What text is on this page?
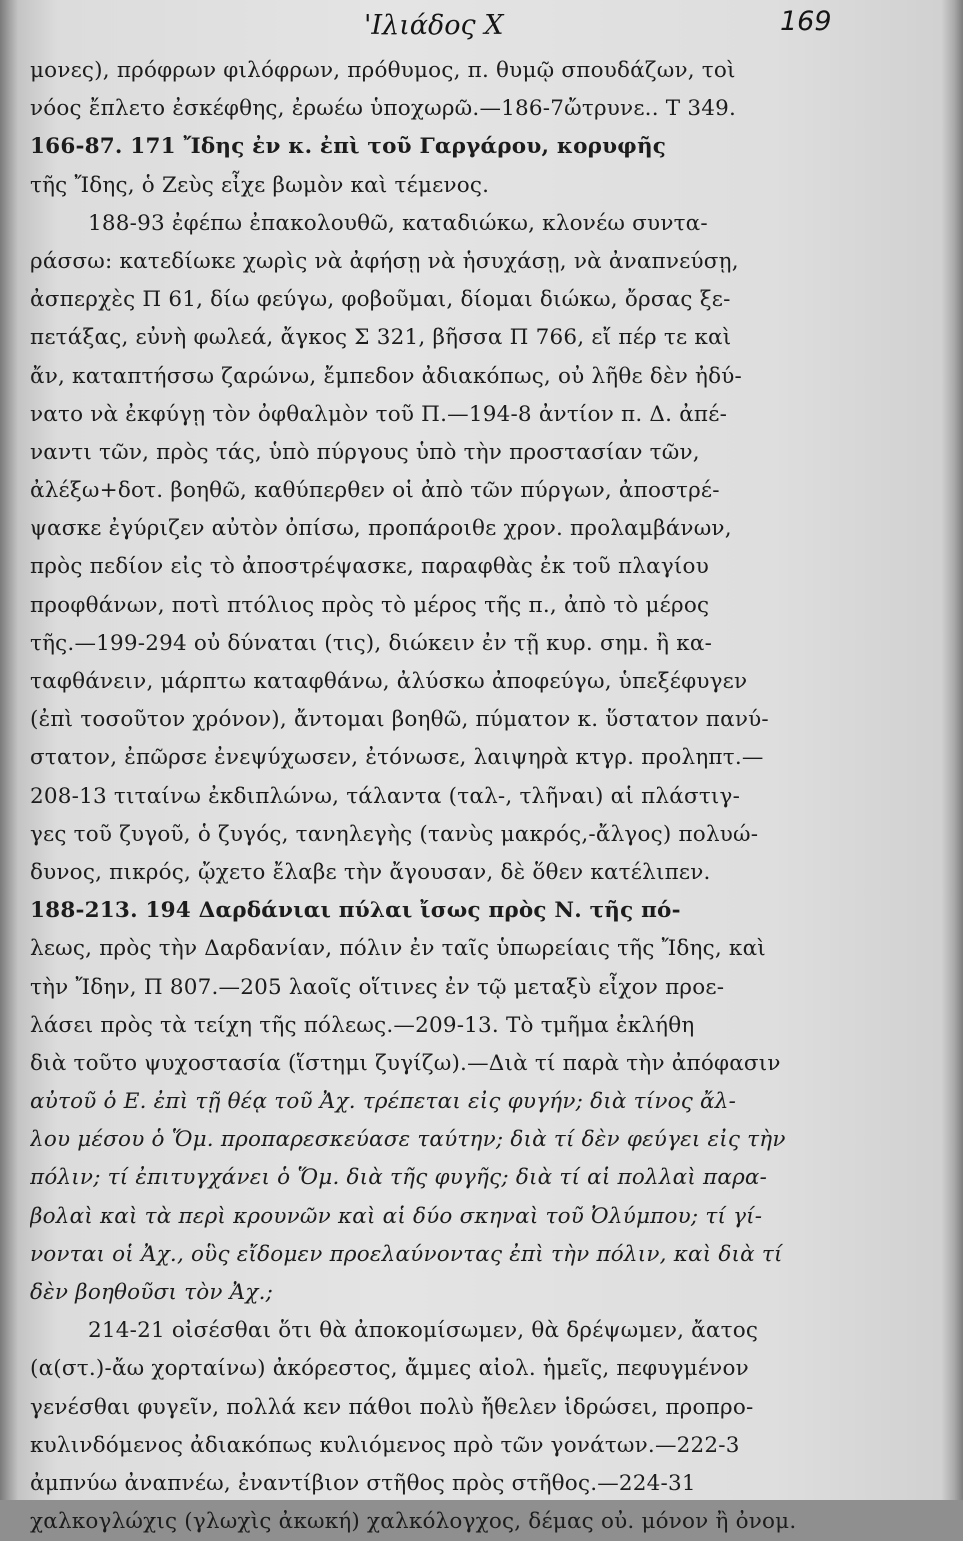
'Ιλιάδος Χ	169
μονες), πρόφρων φιλόφρων, πρόθυμος, π. θυμῷ σπουδάζων, τοὶ
νόος ἔπλετο ἐσκέφθης, ἐρωέω ὑποχωρῶ.—186-7ὤτρυνε.. Τ 349.
166-87. 171 Ἴδης ἐν κ. ἐπὶ τοῦ Γαργάρου, κορυφῆς
τῆς Ἴδης, ὁ Ζεὺς εἶχε βωμὸν καὶ τέμενος.
188-93 ἐφέπω ἐπακολουθῶ, καταδιώκω, κλονέω συντα-
ράσσω: κατεδίωκε χωρὶς νὰ ἀφήσῃ νὰ ἡσυχάσῃ, νὰ ἀναπνεύσῃ,
ἀσπερχὲς Π 61, δίω φεύγω, φοβοῦμαι, δίομαι διώκω, ὄρσας ξε-
πετάξας, εὐνὴ φωλεά, ἄγκος Σ 321, βῆσσα Π 766, εἴ πέρ τε καὶ
ἄν, καταπτήσσω ζαρώνω, ἔμπεδον ἀδιακόπως, οὐ λῆθε δὲν ἠδύ-
νατο νὰ ἐκφύγῃ τὸν ὀφθαλμὸν τοῦ Π.—194-8 ἀντίον π. Δ. ἀπέ-
ναντι τῶν, πρὸς τάς, ὑπὸ πύργους ὑπὸ τὴν προστασίαν τῶν,
ἀλέξω+δοτ. βοηθῶ, καθύπερθεν οἱ ἀπὸ τῶν πύργων, ἀποστρέ-
ψασκε ἐγύριζεν αὐτὸν ὀπίσω, προπάροιθε χρον. προλαμβάνων,
πρὸς πεδίον εἰς τὸ ἀποστρέψασκε, παραφθὰς ἐκ τοῦ πλαγίου
προφθάνων, ποτὶ πτόλιος πρὸς τὸ μέρος τῆς π., ἀπὸ τὸ μέρος
τῆς.—199-294 οὐ δύναται (τις), διώκειν ἐν τῇ κυρ. σημ. ἢ κα-
ταφθάνειν, μάρπτω καταφθάνω, ἀλύσκω ἀποφεύγω, ὑπεξέφυγεν
(ἐπὶ τοσοῦτον χρόνον), ἄντομαι βοηθῶ, πύματον κ. ὕστατον πανύ-
στατον, ἐπῶρσε ἐνεψύχωσεν, ἐτόνωσε, λαιψηρὰ κτγρ. προληπτ.—
208-13 τιταίνω ἐκδιπλώνω, τάλαντα (ταλ-, τλῆναι) αἱ πλάστιγ-
γες τοῦ ζυγοῦ, ὁ ζυγός, τανηλεγὴς (τανὺς μακρός,-ἄλγος) πολυώ-
δυνος, πικρός, ᾤχετο ἔλαβε τὴν ἄγουσαν, δὲ ὅθεν κατέλιπεν.
188-213. 194 Δαρδάνιαι πύλαι ἴσως πρὸς Ν. τῆς πό-
λεως, πρὸς τὴν Δαρδανίαν, πόλιν ἐν ταῖς ὑπωρείαις τῆς Ἴδης, καὶ
τὴν Ἴδην, Π 807.—205 λαοῖς οἵτινες ἐν τῷ μεταξὺ εἶχον προε-
λάσει πρὸς τὰ τείχη τῆς πόλεως.—209-13. Τὸ τμῆμα ἐκλήθη
διὰ τοῦτο ψυχοστασία (ἵστημι ζυγίζω).—Διὰ τί παρὰ τὴν ἀπόφασιν
αὐτοῦ ὁ Ε. ἐπὶ τῇ θέᾳ τοῦ Ἀχ. τρέπεται εἰς φυγήν; διὰ τίνος ἄλ-
λου μέσου ὁ Ὅμ. προπαρεσκεύασε ταύτην; διὰ τί δὲν φεύγει εἰς τὴν
πόλιν; τί ἐπιτυγχάνει ὁ Ὅμ. διὰ τῆς φυγῆς; διὰ τί αἱ πολλαὶ παρα-
βολαὶ καὶ τὰ περὶ κρουνῶν καὶ αἱ δύο σκηναὶ τοῦ Ὀλύμπου; τί γί-
νονται οἱ Ἀχ., οὓς εἴδομεν προελαύνοντας ἐπὶ τὴν πόλιν, καὶ διὰ τί
δὲν βοηθοῦσι τὸν Ἀχ.;
214-21 οἰσέσθαι ὅτι θὰ ἀποκομίσωμεν, θὰ δρέψωμεν, ἄατος
(α(στ.)-ἄω χορταίνω) ἀκόρεστος, ἄμμες αἰολ. ἡμεῖς, πεφυγμένον
γενέσθαι φυγεῖν, πολλά κεν πάθοι πολὺ ἤθελεν ἱδρώσει, προπρο-
κυλινδόμενος ἀδιακόπως κυλιόμενος πρὸ τῶν γονάτων.—222-3
ἀμπνύω ἀναπνέω, ἐναντίβιον στῆθος πρὸς στῆθος.—224-31
χαλκογλώχις (γλωχὶς ἀκωκή) χαλκόλογχος, δέμας οὐ. μόνον ἢ ὀνομ.
